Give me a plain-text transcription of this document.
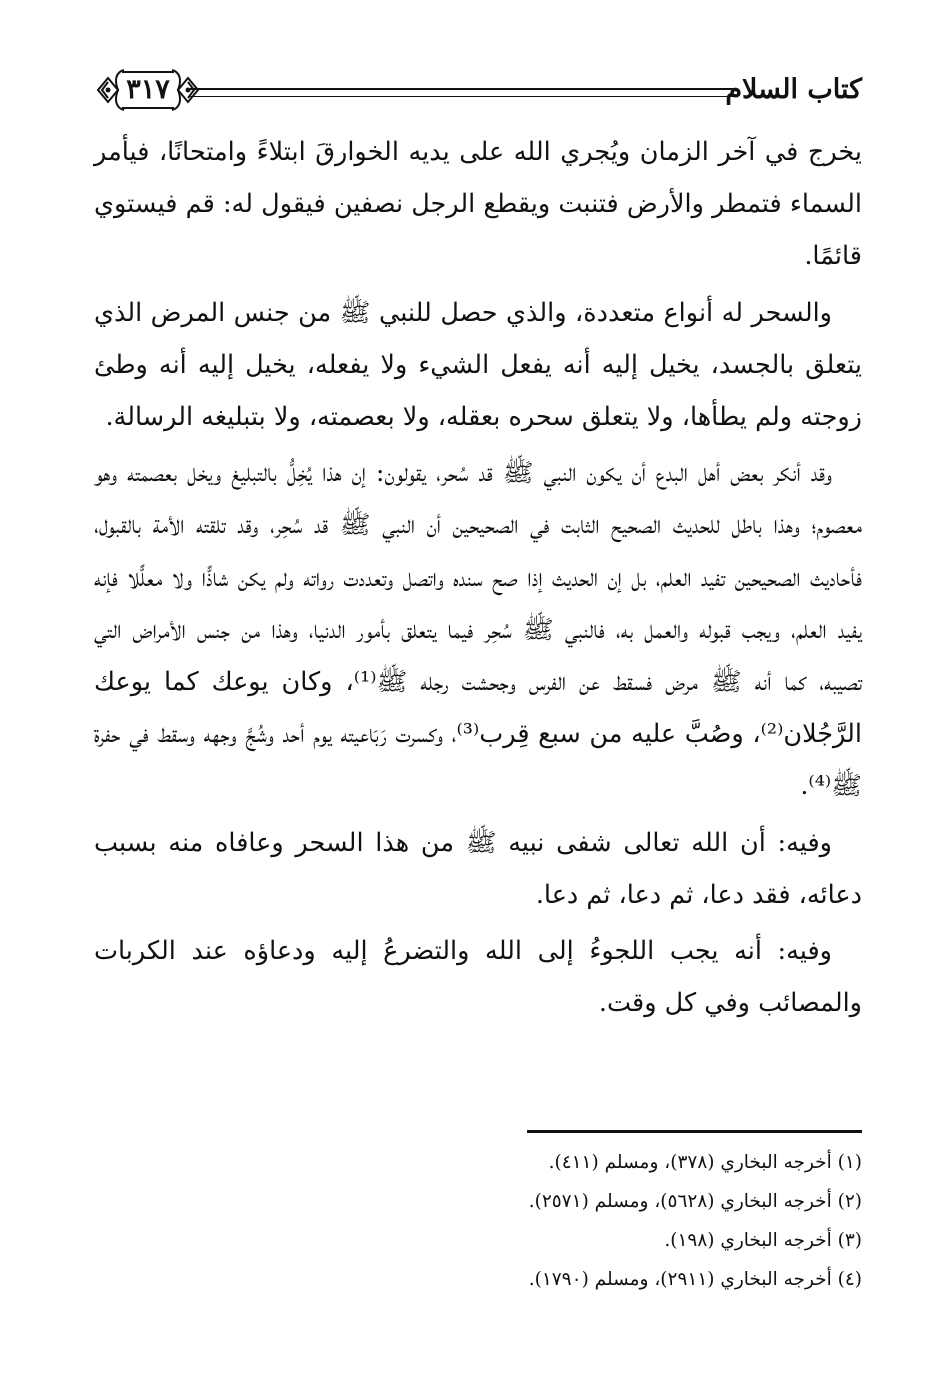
كتاب السلام
٣١٧

يخرج في آخر الزمان ويُجري الله على يديه الخوارقَ ابتلاءً وامتحانًا، فيأمر السماء فتمطر والأرض فتنبت ويقطع الرجل نصفين فيقول له: قم فيستوي قائمًا.

والسحر له أنواع متعددة، والذي حصل للنبي ﷺ من جنس المرض الذي يتعلق بالجسد، يخيل إليه أنه يفعل الشيء ولا يفعله، يخيل إليه أنه وطئ زوجته ولم يطأها، ولا يتعلق سحره بعقله، ولا بعصمته، ولا بتبليغه الرسالة.

وقد أنكر بعض أهل البدع أن يكون النبي ﷺ قد سُحر، يقولون: إن هذا يُخِلُّ بالتبليغ ويخل بعصمته وهو معصوم؛ وهذا باطل للحديث الصحيح الثابت في الصحيحين أن النبي ﷺ قد سُحِر، وقد تلقته الأمة بالقبول، فأحاديث الصحيحين تفيد العلم، بل إن الحديث إذا صح سنده واتصل وتعددت رواته ولم يكن شاذًّا ولا معلًّلا فإنه يفيد العلم، ويجب قبوله والعمل به، فالنبي ﷺ سُحِر فيما يتعلق بأمور الدنيا، وهذا من جنس الأمراض التي تصيبه، كما أنه ﷺ مرض فسقط عن الفرس وجحشت رجله ﷺ⁽¹⁾، وكان يوعك كما يوعك الرَّجُلان⁽²⁾، وصُبَّ عليه من سبع قِرب⁽³⁾، وكسرت رَبَاعيته يوم أحد وشُجَّ وجهه وسقط في حفرة ﷺ⁽⁴⁾.

وفيه: أن الله تعالى شفى نبيه ﷺ من هذا السحر وعافاه منه بسبب دعائه، فقد دعا، ثم دعا، ثم دعا.

وفيه: أنه يجب اللجوءُ إلى الله والتضرعُ إليه ودعاؤه عند الكربات والمصائب وفي كل وقت.

(١) أخرجه البخاري (٣٧٨)، ومسلم (٤١١).

(٢) أخرجه البخاري (٥٦٢٨)، ومسلم (٢٥٧١).

(٣) أخرجه البخاري (١٩٨).

(٤) أخرجه البخاري (٢٩١١)، ومسلم (١٧٩٠).
